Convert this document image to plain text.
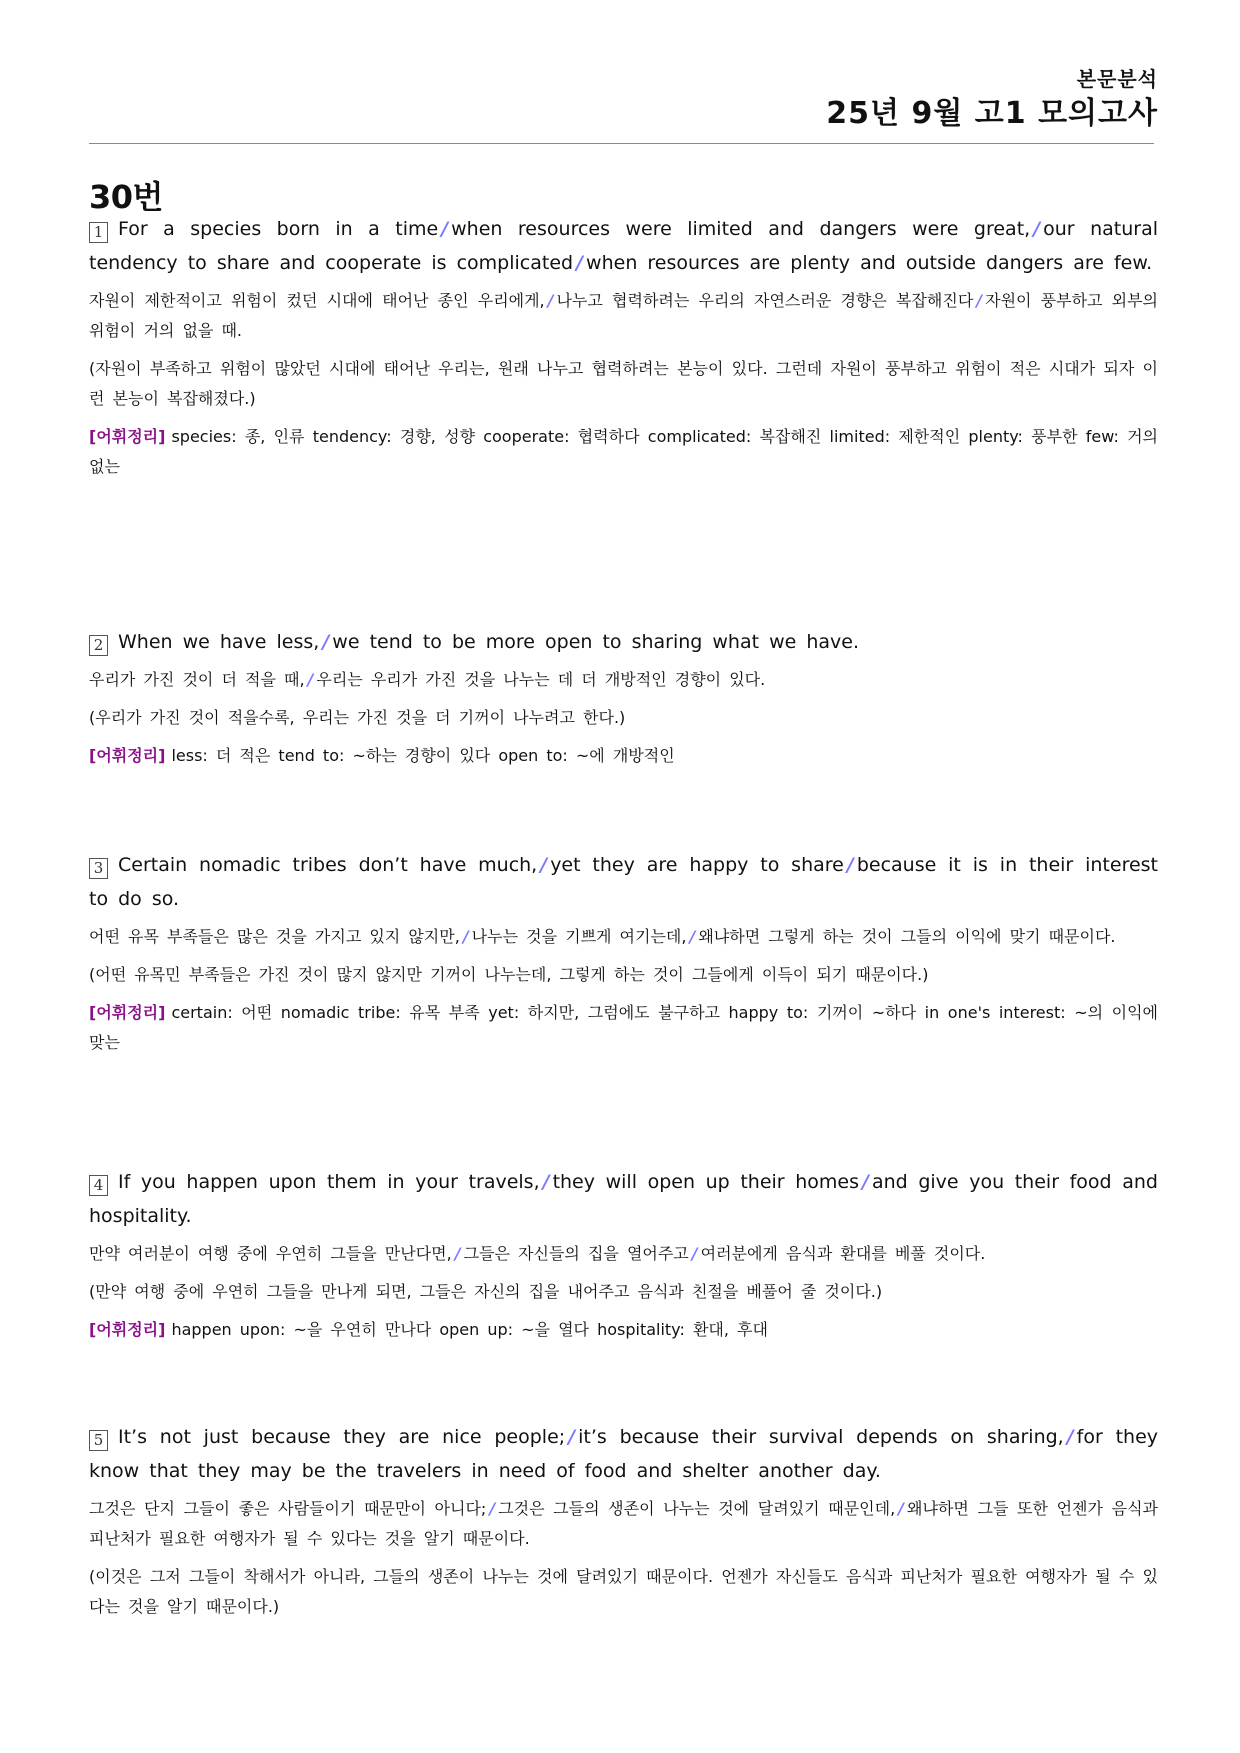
본문분석
25년 9월 고1 모의고사
30번

1 For a species born in a time / when resources were limited and dangers were great, / our natural tendency to share and cooperate is complicated / when resources are plenty and outside dangers are few.

자원이 제한적이고 위험이 컸던 시대에 태어난 종인 우리에게, / 나누고 협력하려는 우리의 자연스러운 경향은 복잡해진다 / 자원이 풍부하고 외부의 위험이 거의 없을 때.

(자원이 부족하고 위험이 많았던 시대에 태어난 우리는, 원래 나누고 협력하려는 본능이 있다. 그런데 자원이 풍부하고 위험이 적은 시대가 되자 이런 본능이 복잡해졌다.)

[어휘정리] species: 종, 인류 tendency: 경향, 성향 cooperate: 협력하다 complicated: 복잡해진 limited: 제한적인 plenty: 풍부한 few: 거의 없는

2 When we have less, / we tend to be more open to sharing what we have.

우리가 가진 것이 더 적을 때, / 우리는 우리가 가진 것을 나누는 데 더 개방적인 경향이 있다.

(우리가 가진 것이 적을수록, 우리는 가진 것을 더 기꺼이 나누려고 한다.)

[어휘정리] less: 더 적은 tend to: ~하는 경향이 있다 open to: ~에 개방적인

3 Certain nomadic tribes don’t have much, / yet they are happy to share / because it is in their interest to do so.

어떤 유목 부족들은 많은 것을 가지고 있지 않지만, / 나누는 것을 기쁘게 여기는데, / 왜냐하면 그렇게 하는 것이 그들의 이익에 맞기 때문이다.

(어떤 유목민 부족들은 가진 것이 많지 않지만 기꺼이 나누는데, 그렇게 하는 것이 그들에게 이득이 되기 때문이다.)

[어휘정리] certain: 어떤 nomadic tribe: 유목 부족 yet: 하지만, 그럼에도 불구하고 happy to: 기꺼이 ~하다 in one's interest: ~의 이익에 맞는

4 If you happen upon them in your travels, / they will open up their homes / and give you their food and hospitality.

만약 여러분이 여행 중에 우연히 그들을 만난다면, / 그들은 자신들의 집을 열어주고 / 여러분에게 음식과 환대를 베풀 것이다.

(만약 여행 중에 우연히 그들을 만나게 되면, 그들은 자신의 집을 내어주고 음식과 친절을 베풀어 줄 것이다.)

[어휘정리] happen upon: ~을 우연히 만나다 open up: ~을 열다 hospitality: 환대, 후대

5 It’s not just because they are nice people; / it’s because their survival depends on sharing, / for they know that they may be the travelers in need of food and shelter another day.

그것은 단지 그들이 좋은 사람들이기 때문만이 아니다; / 그것은 그들의 생존이 나누는 것에 달려있기 때문인데, / 왜냐하면 그들 또한 언젠가 음식과 피난처가 필요한 여행자가 될 수 있다는 것을 알기 때문이다.

(이것은 그저 그들이 착해서가 아니라, 그들의 생존이 나누는 것에 달려있기 때문이다. 언젠가 자신들도 음식과 피난처가 필요한 여행자가 될 수 있다는 것을 알기 때문이다.)
